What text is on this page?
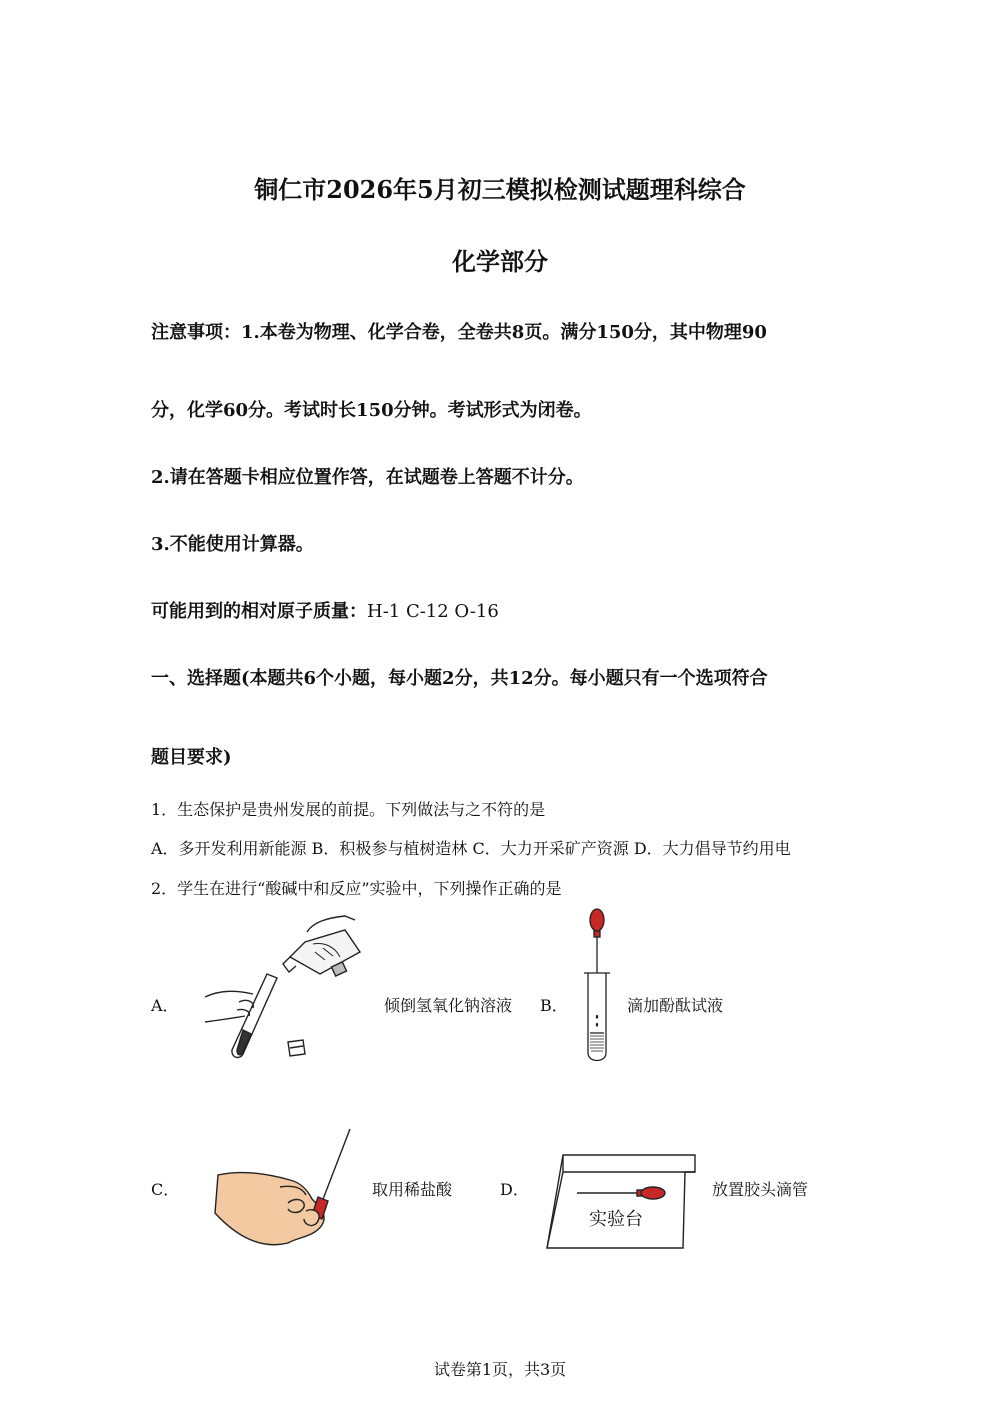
铜仁市2026年5月初三模拟检测试题理科综合
化学部分
注意事项：1.本卷为物理、化学合卷，全卷共8页。满分150分，其中物理90
分，化学60分。考试时长150分钟。考试形式为闭卷。
2.请在答题卡相应位置作答，在试题卷上答题不计分。
3.不能使用计算器。
可能用到的相对原子质量：H-1 C-12 O-16
一、选择题(本题共6个小题，每小题2分，共12分。每小题只有一个选项符合
题目要求)
1．生态保护是贵州发展的前提。下列做法与之不符的是
A．多开发利用新能源 B．积极参与植树造林 C．大力开采矿产资源 D．大力倡导节约用电
2．学生在进行“酸碱中和反应”实验中，下列操作正确的是
A．	倾倒氢氧化钠溶液 B．	滴加酚酞试液
C．	取用稀盐酸	D．
实验台
放置胶头滴管
试卷第1页，共3页
